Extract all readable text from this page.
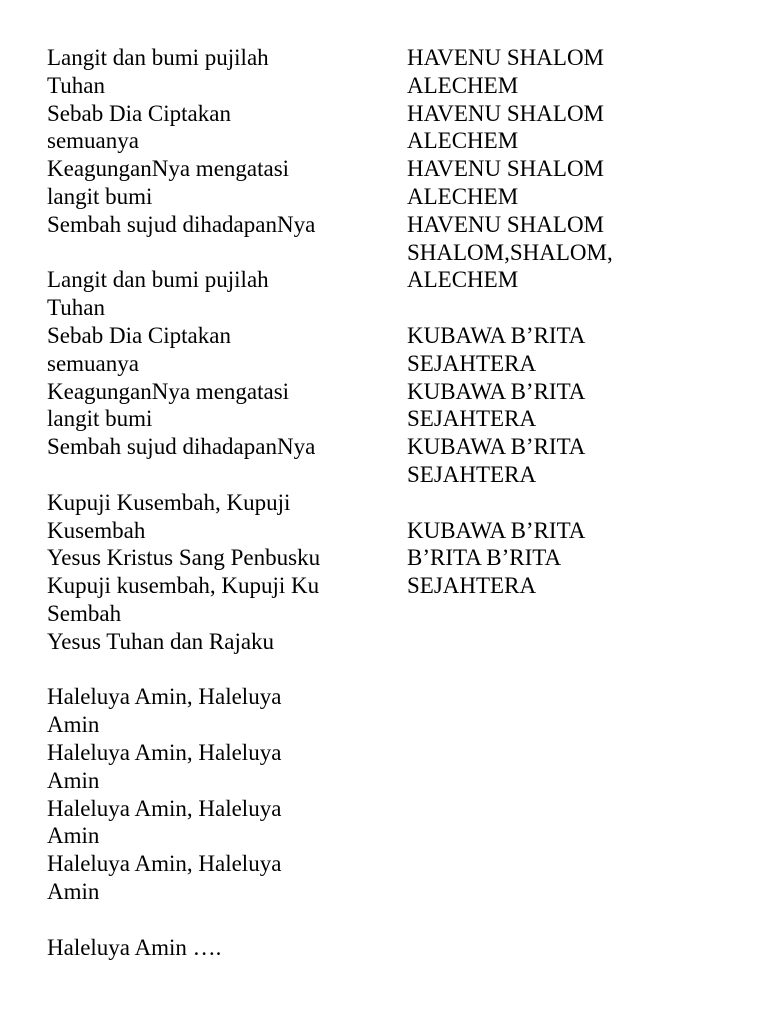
Langit dan bumi pujilah
Tuhan
Sebab Dia Ciptakan
semuanya
KeagunganNya mengatasi
langit bumi
Sembah sujud dihadapanNya
Langit dan bumi pujilah
Tuhan
Sebab Dia Ciptakan
semuanya
KeagunganNya mengatasi
langit bumi
Sembah sujud dihadapanNya
Kupuji Kusembah, Kupuji
Kusembah
Yesus Kristus Sang Penbusku
Kupuji kusembah, Kupuji Ku
Sembah
Yesus Tuhan dan Rajaku
Haleluya Amin, Haleluya
Amin
Haleluya Amin, Haleluya
Amin
Haleluya Amin, Haleluya
Amin
Haleluya Amin, Haleluya
Amin
Haleluya Amin ….
HAVENU SHALOM
ALECHEM
HAVENU SHALOM
ALECHEM
HAVENU SHALOM
ALECHEM
HAVENU SHALOM
SHALOM,SHALOM,
ALECHEM
KUBAWA B’RITA
SEJAHTERA
KUBAWA B’RITA
SEJAHTERA
KUBAWA B’RITA
SEJAHTERA
KUBAWA B’RITA
B’RITA B’RITA
SEJAHTERA
